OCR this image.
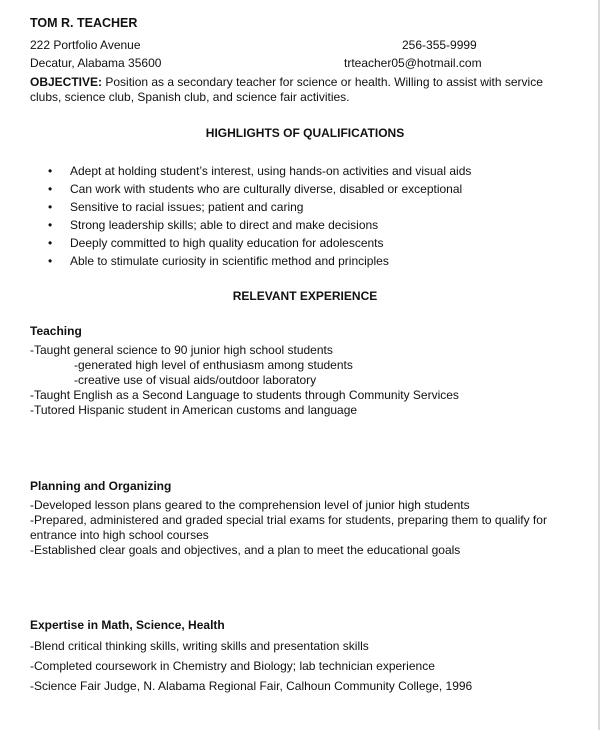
TOM R. TEACHER
222 Portfolio Avenue	256-355-9999
Decatur, Alabama 35600	trteacher05@hotmail.com
OBJECTIVE: Position as a secondary teacher for science or health. Willing to assist with service clubs, science club, Spanish club, and science fair activities.
HIGHLIGHTS OF QUALIFICATIONS
• Adept at holding student’s interest, using hands-on activities and visual aids
• Can work with students who are culturally diverse, disabled or exceptional
• Sensitive to racial issues; patient and caring
• Strong leadership skills; able to direct and make decisions
• Deeply committed to high quality education for adolescents
• Able to stimulate curiosity in scientific method and principles
RELEVANT EXPERIENCE
Teaching
-Taught general science to 90 junior high school students
-generated high level of enthusiasm among students
-creative use of visual aids/outdoor laboratory
-Taught English as a Second Language to students through Community Services
-Tutored Hispanic student in American customs and language
Planning and Organizing
-Developed lesson plans geared to the comprehension level of junior high students
-Prepared, administered and graded special trial exams for students, preparing them to qualify for entrance into high school courses
-Established clear goals and objectives, and a plan to meet the educational goals
Expertise in Math, Science, Health
-Blend critical thinking skills, writing skills and presentation skills
-Completed coursework in Chemistry and Biology; lab technician experience
-Science Fair Judge, N. Alabama Regional Fair, Calhoun Community College, 1996
